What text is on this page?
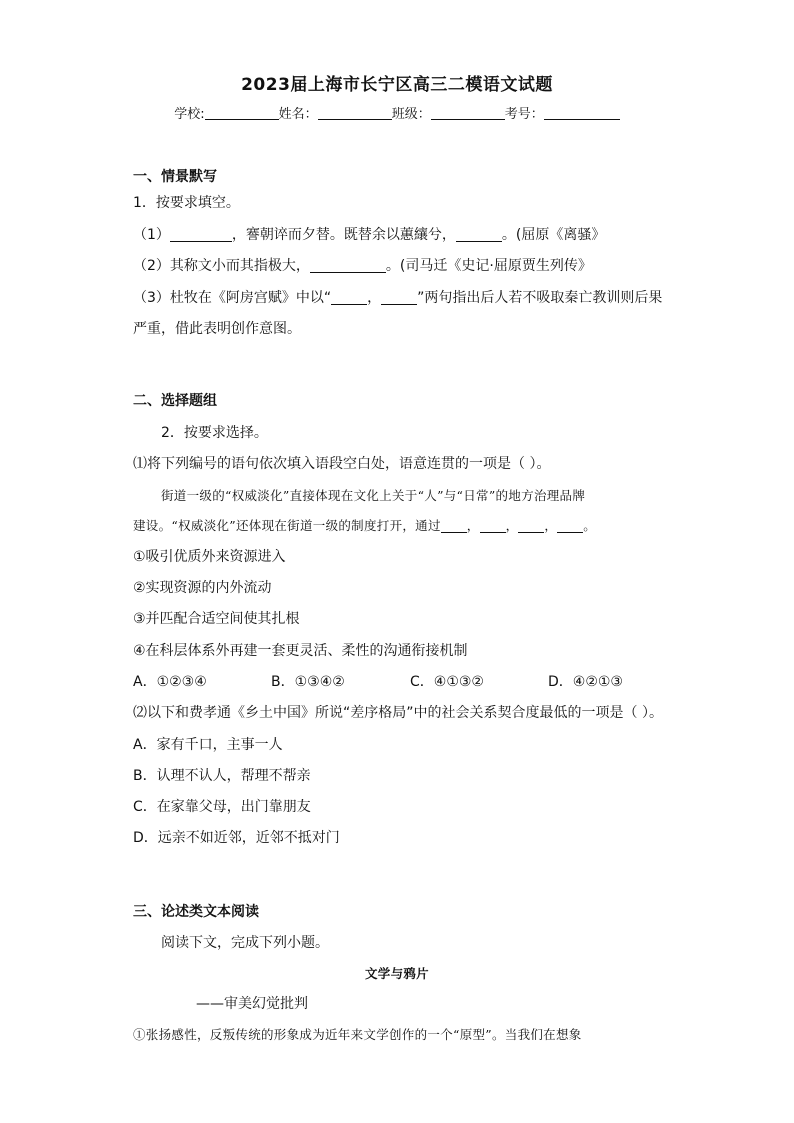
2023届上海市长宁区高三二模语文试题
学校:	姓名：	班级：	考号：
一、情景默写
1．按要求填空。
（1）	，謇朝谇而夕替。既替余以蕙纕兮，	。(屈原《离骚》
（2）其称文小而其指极大，	。(司马迁《史记·屈原贾生列传》
（3）杜牧在《阿房宫赋》中以“	，	”两句指出后人若不吸取秦亡教训则后果
严重，借此表明创作意图。
二、选择题组
2．按要求选择。
⑴将下列编号的语句依次填入语段空白处，语意连贯的一项是（ ）。
街道一级的“权威淡化”直接体现在文化上关于“人”与“日常”的地方治理品牌
建设。“权威淡化”还体现在街道一级的制度打开，通过 ， ， ， 。
①吸引优质外来资源进入
②实现资源的内外流动
③并匹配合适空间使其扎根
④在科层体系外再建一套更灵活、柔性的沟通衔接机制
A．①②③④	B．①③④②	C．④①③②	D．④②①③
⑵以下和费孝通《乡土中国》所说“差序格局”中的社会关系契合度最低的一项是（ ）。
A．家有千口，主事一人
B．认理不认人，帮理不帮亲
C．在家靠父母，出门靠朋友
D．远亲不如近邻，近邻不抵对门
三、论述类文本阅读
阅读下文，完成下列小题。
文学与鸦片
——审美幻觉批判
①张扬感性，反叛传统的形象成为近年来文学创作的一个“原型”。当我们在想象
